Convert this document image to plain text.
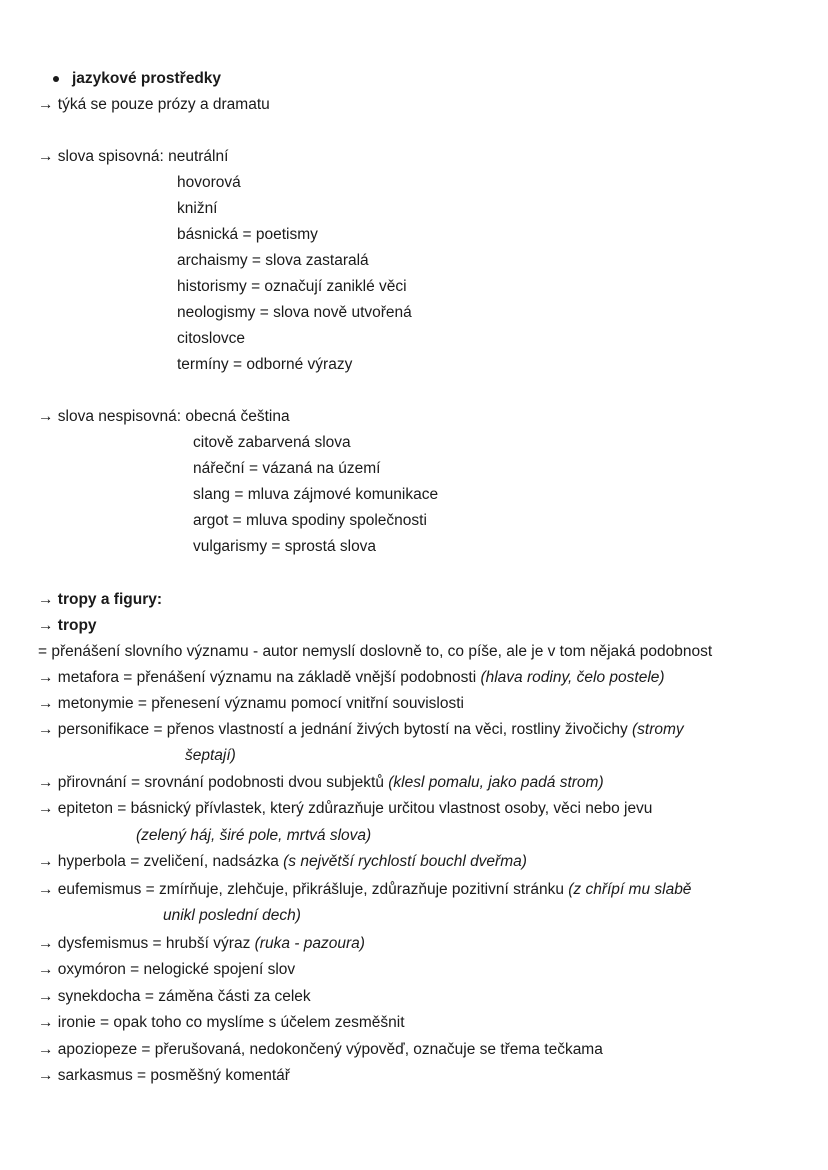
jazykové prostředky
→ týká se pouze prózy a dramatu
→ slova spisovná: neutrální
hovorová
knižní
básnická = poetismy
archaismy = slova zastaralá
historismy = označují zaniklé věci
neologismy = slova nově utvořená
citoslovce
termíny = odborné výrazy
→ slova nespisovná: obecná čeština
citově zabarvená slova
nářeční = vázaná na území
slang = mluva zájmové komunikace
argot = mluva spodiny společnosti
vulgarismy = sprostá slova
→ tropy a figury:
→ tropy
= přenášení slovního významu - autor nemyslí doslovně to, co píše, ale je v tom nějaká podobnost
→ metafora = přenášení významu na základě vnější podobnosti (hlava rodiny, čelo postele)
→ metonymie = přenesení významu pomocí vnitřní souvislosti
→ personifikace = přenos vlastností a jednání živých bytostí na věci, rostliny živočichy (stromy
šeptají)
→ přirovnání = srovnání podobnosti dvou subjektů (klesl pomalu, jako padá strom)
→ epiteton = básnický přívlastek, který zdůrazňuje určitou vlastnost osoby, věci nebo jevu
(zelený háj, širé pole, mrtvá slova)
→ hyperbola = zveličení, nadsázka (s největší rychlostí bouchl dveřma)
→ eufemismus = zmírňuje, zlehčuje, přikrášluje, zdůrazňuje pozitivní stránku (z chřípí mu slabě
unikl poslední dech)
→ dysfemismus = hrubší výraz (ruka - pazoura)
→ oxymóron = nelogické spojení slov
→ synekdocha = záměna části za celek
→ ironie = opak toho co myslíme s účelem zesměšnit
→ apoziopeze = přerušovaná, nedokončený výpověď, označuje se třema tečkama
→ sarkasmus = posměšný komentář
